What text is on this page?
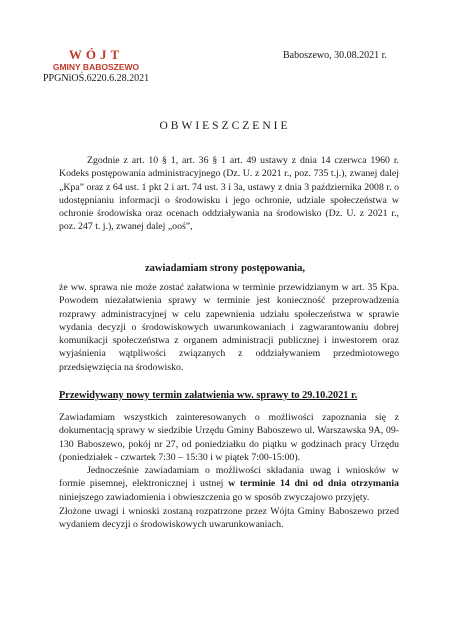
WÓJT
GMINY BABOSZEWO
PPGNiOŚ.6220.6.28.2021
Baboszewo, 30.08.2021 r.
OBWIESZCZENIE
Zgodnie z art. 10 § 1, art. 36 § 1 art. 49 ustawy z dnia 14 czerwca 1960 r. Kodeks postępowania administracyjnego (Dz. U. z 2021 r., poz. 735 t.j.), zwanej dalej „Kpa” oraz z 64 ust. 1 pkt 2 i art. 74 ust. 3 i 3a, ustawy z dnia 3 października 2008 r. o udostępnianiu informacji o środowisku i jego ochronie, udziale społeczeństwa w ochronie środowiska oraz ocenach oddziaływania na środowisko (Dz. U. z 2021 r., poz. 247 t. j.), zwanej dalej „ooś”,
zawiadamiam strony postępowania,
że ww. sprawa nie może zostać załatwiona w terminie przewidzianym w art. 35 Kpa. Powodem niezałatwienia sprawy w terminie jest konieczność przeprowadzenia rozprawy administracyjnej w celu zapewnienia udziału społeczeństwa w sprawie wydania decyzji o środowiskowych uwarunkowaniach i zagwarantowaniu dobrej komunikacji społeczeństwa z organem administracji publicznej i inwestorem oraz wyjaśnienia wątpliwości związanych z oddziaływaniem przedmiotowego przedsięwzięcia na środowisko.
Przewidywany nowy termin załatwienia ww. sprawy to 29.10.2021 r.
Zawiadamiam wszystkich zainteresowanych o możliwości zapoznania się z dokumentacją sprawy w siedzibie Urzędu Gminy Baboszewo ul. Warszawska 9A, 09-130 Baboszewo, pokój nr 27, od poniedziałku do piątku w godzinach pracy Urzędu (poniedziałek - czwartek 7:30 – 15:30 i w piątek 7:00-15:00).
Jednocześnie zawiadamiam o możliwości składania uwag i wniosków w formie pisemnej, elektronicznej i ustnej w terminie 14 dni od dnia otrzymania niniejszego zawiadomienia i obwieszczenia go w sposób zwyczajowo przyjęty.
Złożone uwagi i wnioski zostaną rozpatrzone przez Wójta Gminy Baboszewo przed wydaniem decyzji o środowiskowych uwarunkowaniach.
